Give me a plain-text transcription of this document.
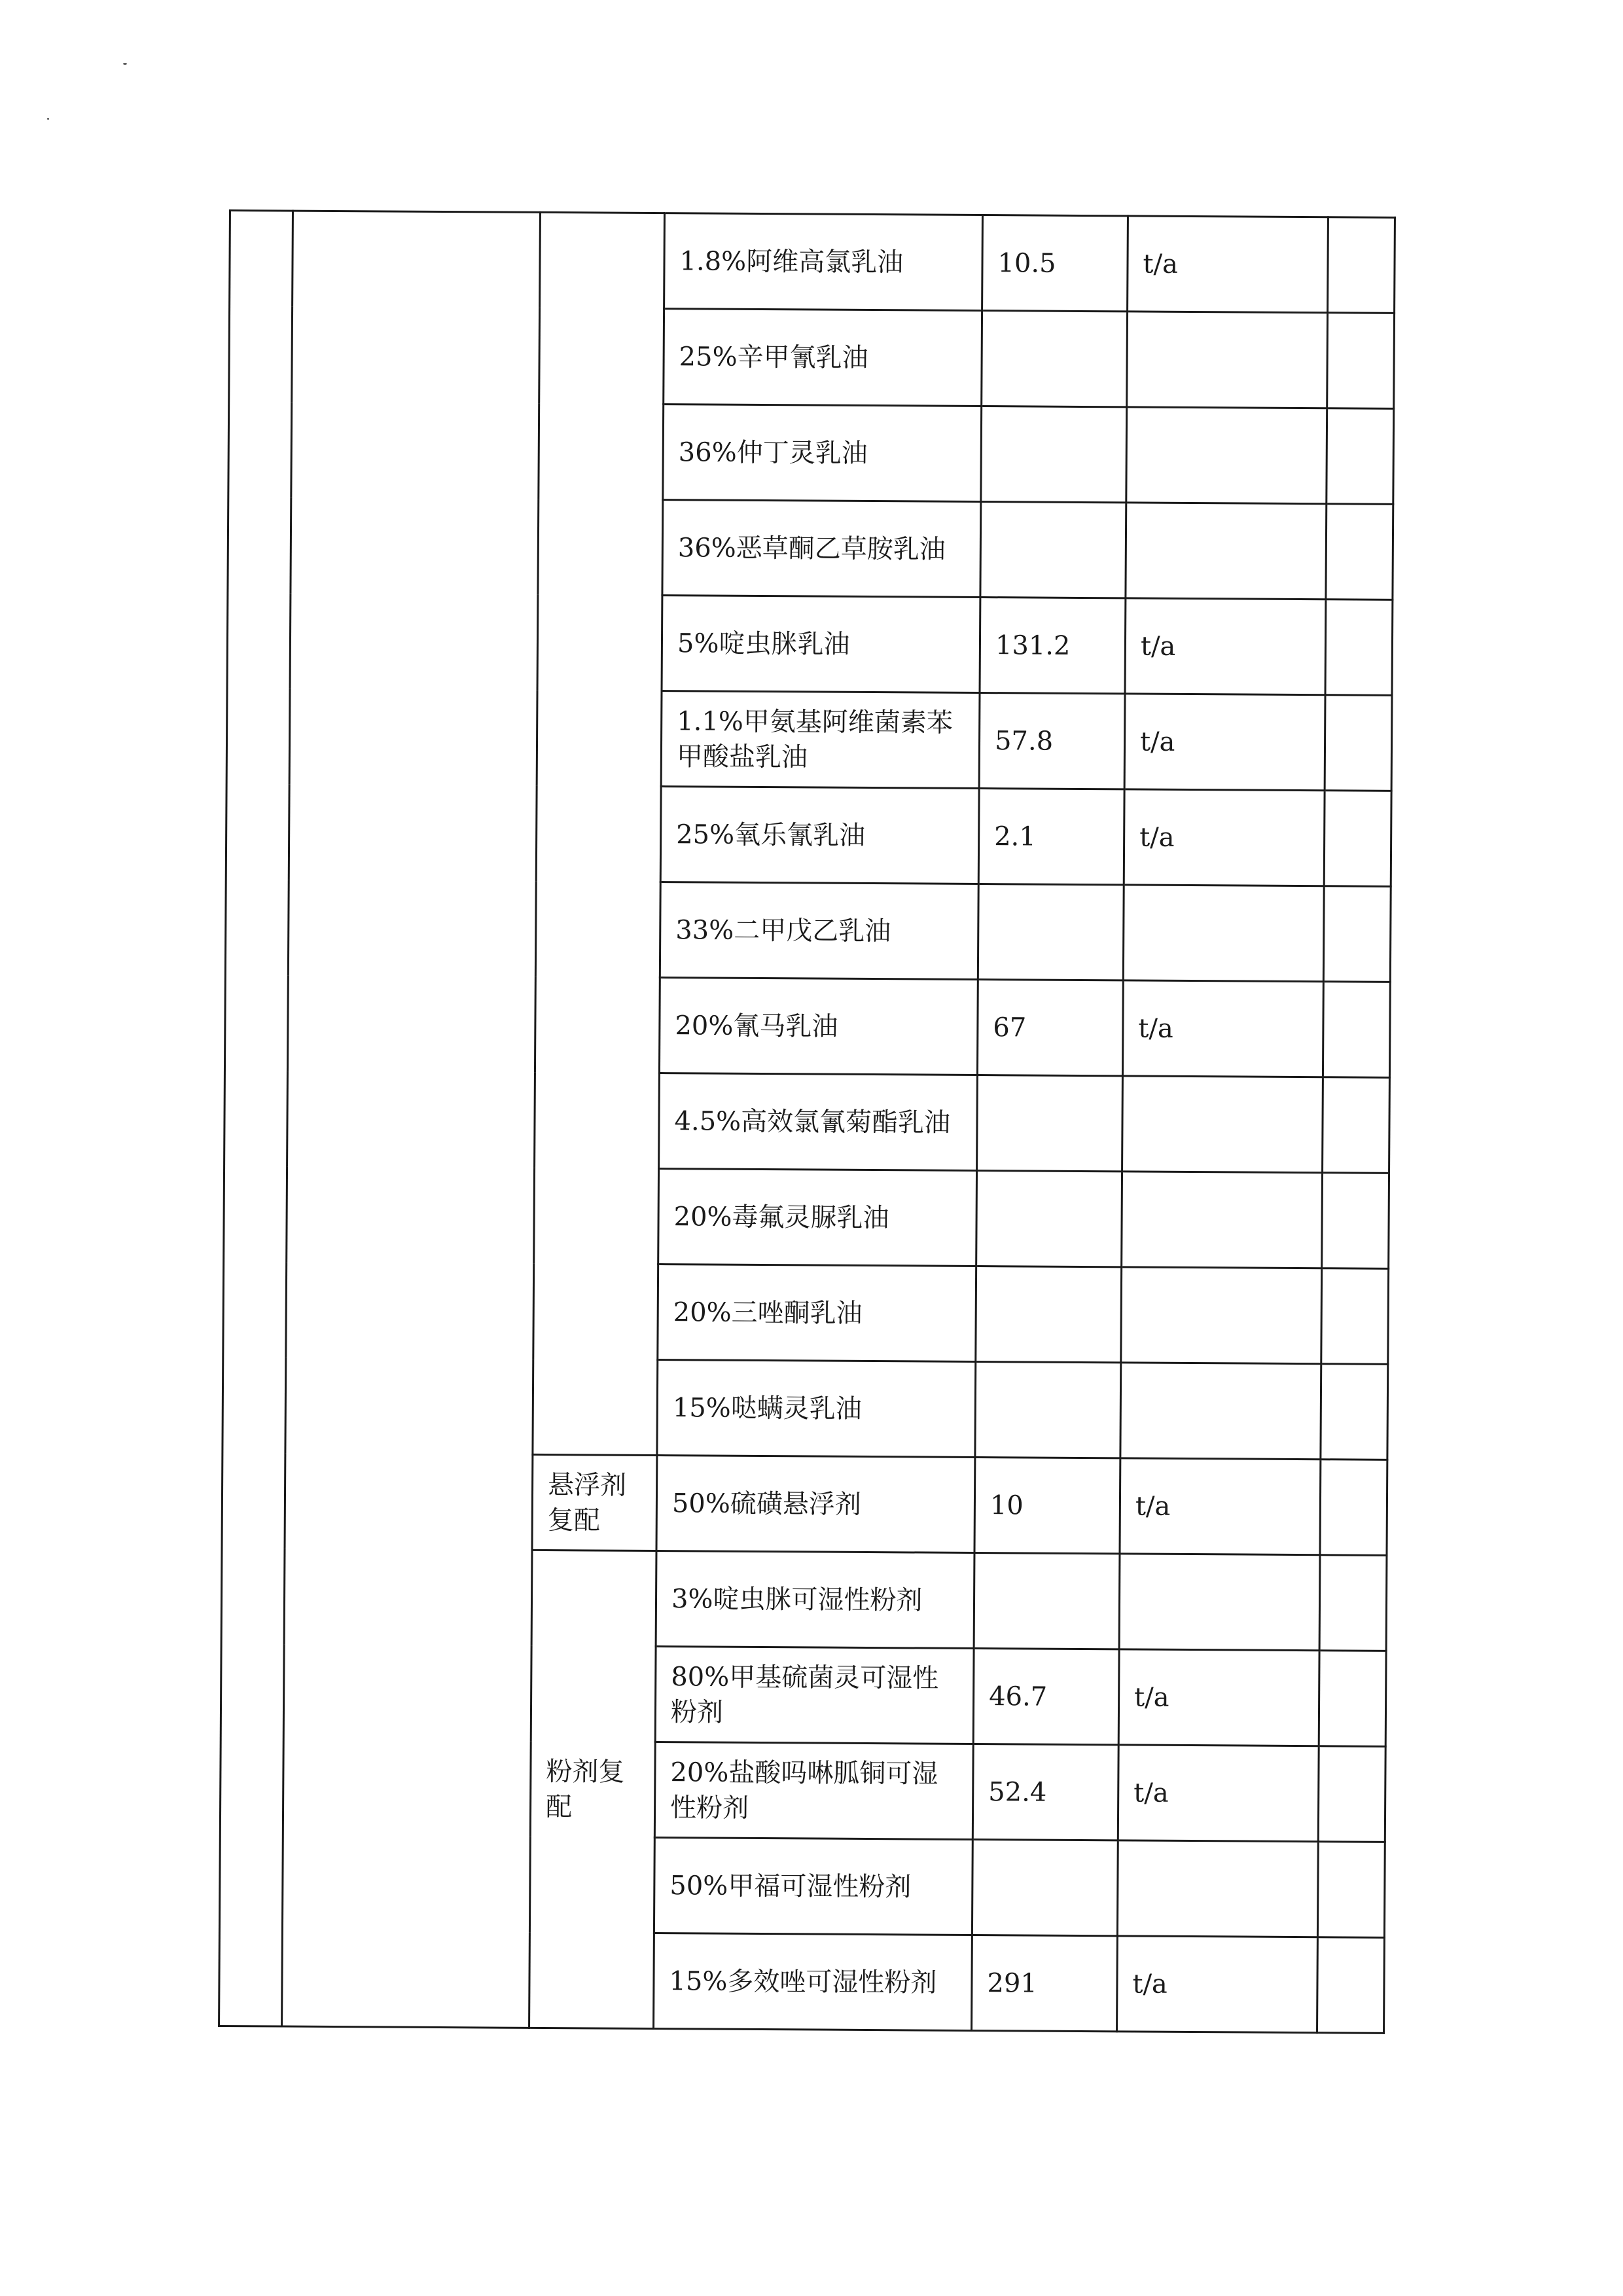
			1.8%阿维高氯乳油	10.5	t/a	
			25%辛甲氰乳油			
			36%仲丁灵乳油			
			36%恶草酮乙草胺乳油			
			5%啶虫脒乳油	131.2	t/a	
			1.1%甲氨基阿维菌素苯甲酸盐乳油	57.8	t/a	
			25%氧乐氰乳油	2.1	t/a	
			33%二甲戊乙乳油			
			20%氰马乳油	67	t/a	
			4.5%高效氯氰菊酯乳油			
			20%毒氟灵脲乳油			
			20%三唑酮乳油			
			15%哒螨灵乳油			
		悬浮剂复配	50%硫磺悬浮剂	10	t/a	
		粉剂复配	3%啶虫脒可湿性粉剂			
			80%甲基硫菌灵可湿性粉剂	46.7	t/a	
			20%盐酸吗啉胍铜可湿性粉剂	52.4	t/a	
			50%甲福可湿性粉剂			
			15%多效唑可湿性粉剂	291	t/a	
